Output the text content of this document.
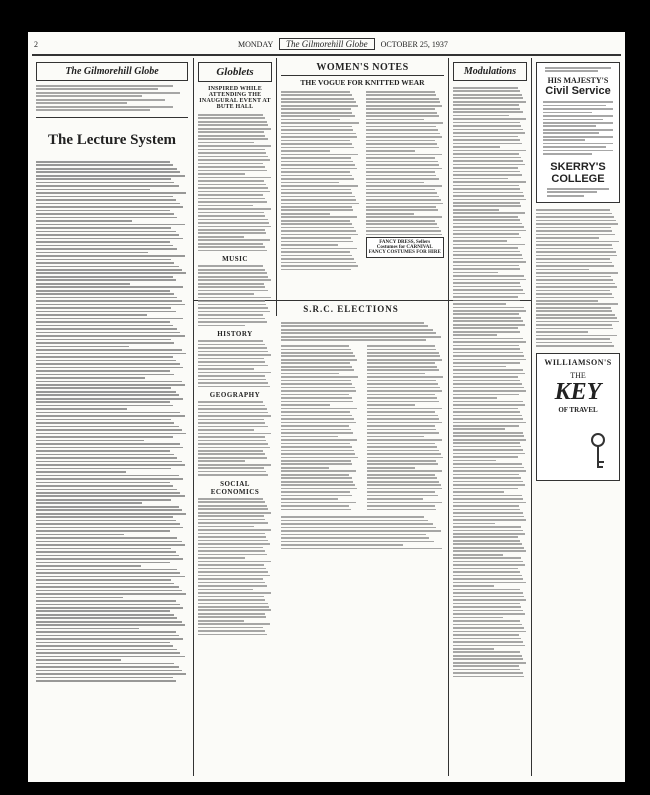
2	MONDAY The Gilmorehill Globe OCTOBER 25, 1937
The Gilmorehill Globe
The Lecture System
Globlets
INSPIRED WHILE ATTENDING THE INAUGURAL EVENT AT BUTE HALL
MUSIC
HISTORY
GEOGRAPHY
SOCIAL ECONOMICS
WOMEN'S NOTES
THE VOGUE FOR KNITTED WEAR
FANCY DRESS, Sellers
Costumes for CARNIVAL
FANCY COSTUMES FOR HIRE
Modulations
S.R.C. ELECTIONS
HIS MAJESTY'S
Civil Service
SKERRY'S
COLLEGE
WILLIAMSON'S
THE
KEY
OF TRAVEL
